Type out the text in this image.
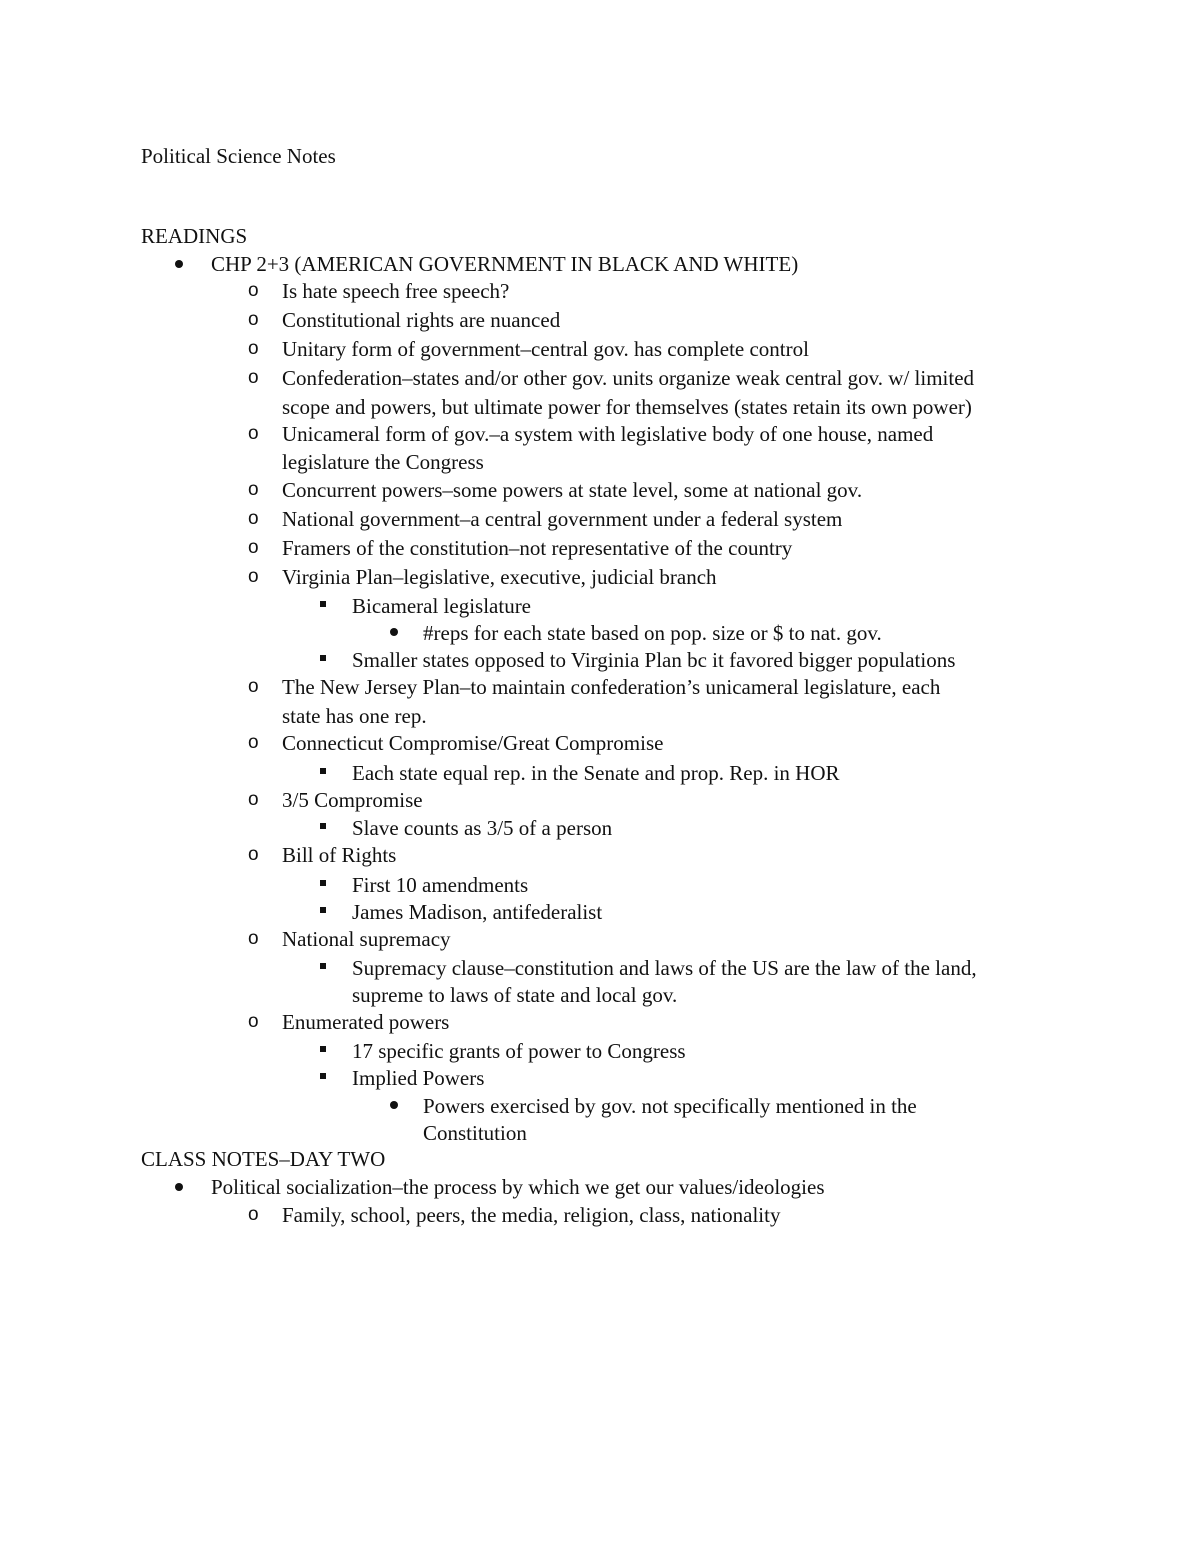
Political Science Notes
READINGS
CHP 2+3 (AMERICAN GOVERNMENT IN BLACK AND WHITE)
o Is hate speech free speech?
o Constitutional rights are nuanced
o Unitary form of government–central gov. has complete control
o Confederation–states and/or other gov. units organize weak central gov. w/ limited
scope and powers, but ultimate power for themselves (states retain its own power)
o Unicameral form of gov.–a system with legislative body of one house, named
legislature the Congress
o Concurrent powers–some powers at state level, some at national gov.
o National government–a central government under a federal system
o Framers of the constitution–not representative of the country
o Virginia Plan–legislative, executive, judicial branch
Bicameral legislature
#reps for each state based on pop. size or $ to nat. gov.
Smaller states opposed to Virginia Plan bc it favored bigger populations
o The New Jersey Plan–to maintain confederation’s unicameral legislature, each
state has one rep.
o Connecticut Compromise/Great Compromise
Each state equal rep. in the Senate and prop. Rep. in HOR
o 3/5 Compromise
Slave counts as 3/5 of a person
o Bill of Rights
First 10 amendments
James Madison, antifederalist
o National supremacy
Supremacy clause–constitution and laws of the US are the law of the land,
supreme to laws of state and local gov.
o Enumerated powers
17 specific grants of power to Congress
Implied Powers
Powers exercised by gov. not specifically mentioned in the
Constitution
CLASS NOTES–DAY TWO
Political socialization–the process by which we get our values/ideologies
o Family, school, peers, the media, religion, class, nationality
